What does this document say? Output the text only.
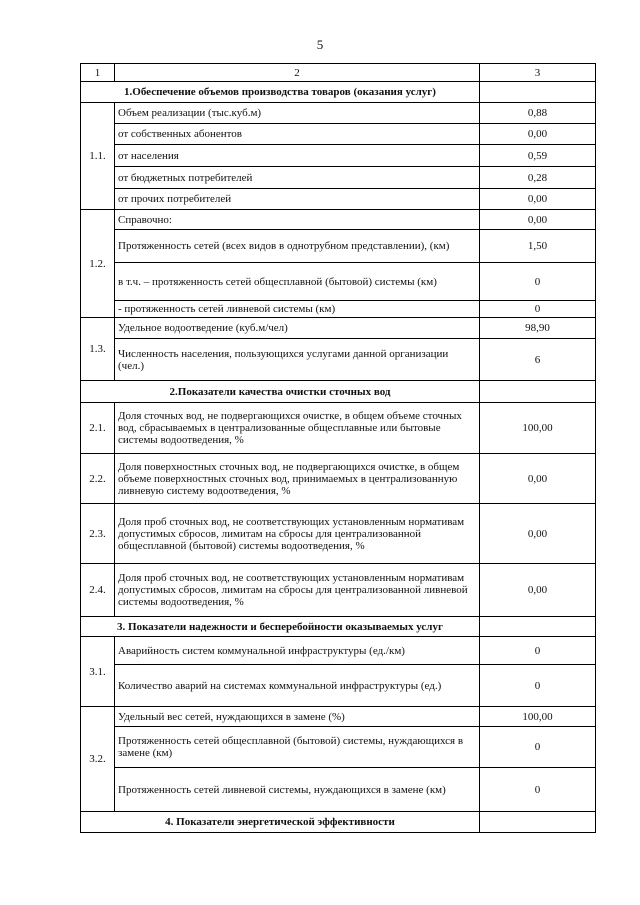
5
1	2	3
1.Обеспечение объемов производства товаров (оказания услуг)		
1.1.	Объем реализации (тыс.куб.м)	0,88
	от собственных абонентов	0,00
	от населения	0,59
	от бюджетных потребителей	0,28
	от прочих потребителей	0,00
1.2.	Справочно:	0,00
	Протяженность сетей (всех видов в однотрубном представлении), (км)	1,50
	в т.ч. – протяженность сетей общесплавной (бытовой) системы (км)	0
	- протяженность сетей ливневой системы (км)	0
1.3.	Удельное водоотведение (куб.м/чел)	98,90
	Численность населения, пользующихся услугами данной организации (чел.)	6
2.Показатели качества очистки сточных вод		
2.1.	Доля сточных вод, не подвергающихся очистке, в общем объеме сточных вод, сбрасываемых в централизованные общесплавные или бытовые системы водоотведения, %	100,00
2.2.	Доля поверхностных сточных вод, не подвергающихся очистке, в общем объеме поверхностных сточных вод, принимаемых в централизованную ливневую систему водоотведения, %	0,00
2.3.	Доля проб сточных вод, не соответствующих установленным нормативам допустимых сбросов, лимитам на сбросы для централизованной общесплавной (бытовой) системы водоотведения, %	0,00
2.4.	Доля проб сточных вод, не соответствующих установленным нормативам допустимых сбросов, лимитам на сбросы для централизованной ливневой системы водоотведения, %	0,00
3. Показатели надежности и бесперебойности оказываемых услуг		
3.1.	Аварийность систем коммунальной инфраструктуры (ед./км)	0
	Количество аварий на системах коммунальной инфраструктуры (ед.)	0
3.2.	Удельный вес сетей, нуждающихся в замене (%)	100,00
	Протяженность сетей общесплавной (бытовой) системы, нуждающихся в замене (км)	0
	Протяженность сетей ливневой системы, нуждающихся в замене (км)	0
4. Показатели энергетической эффективности		
